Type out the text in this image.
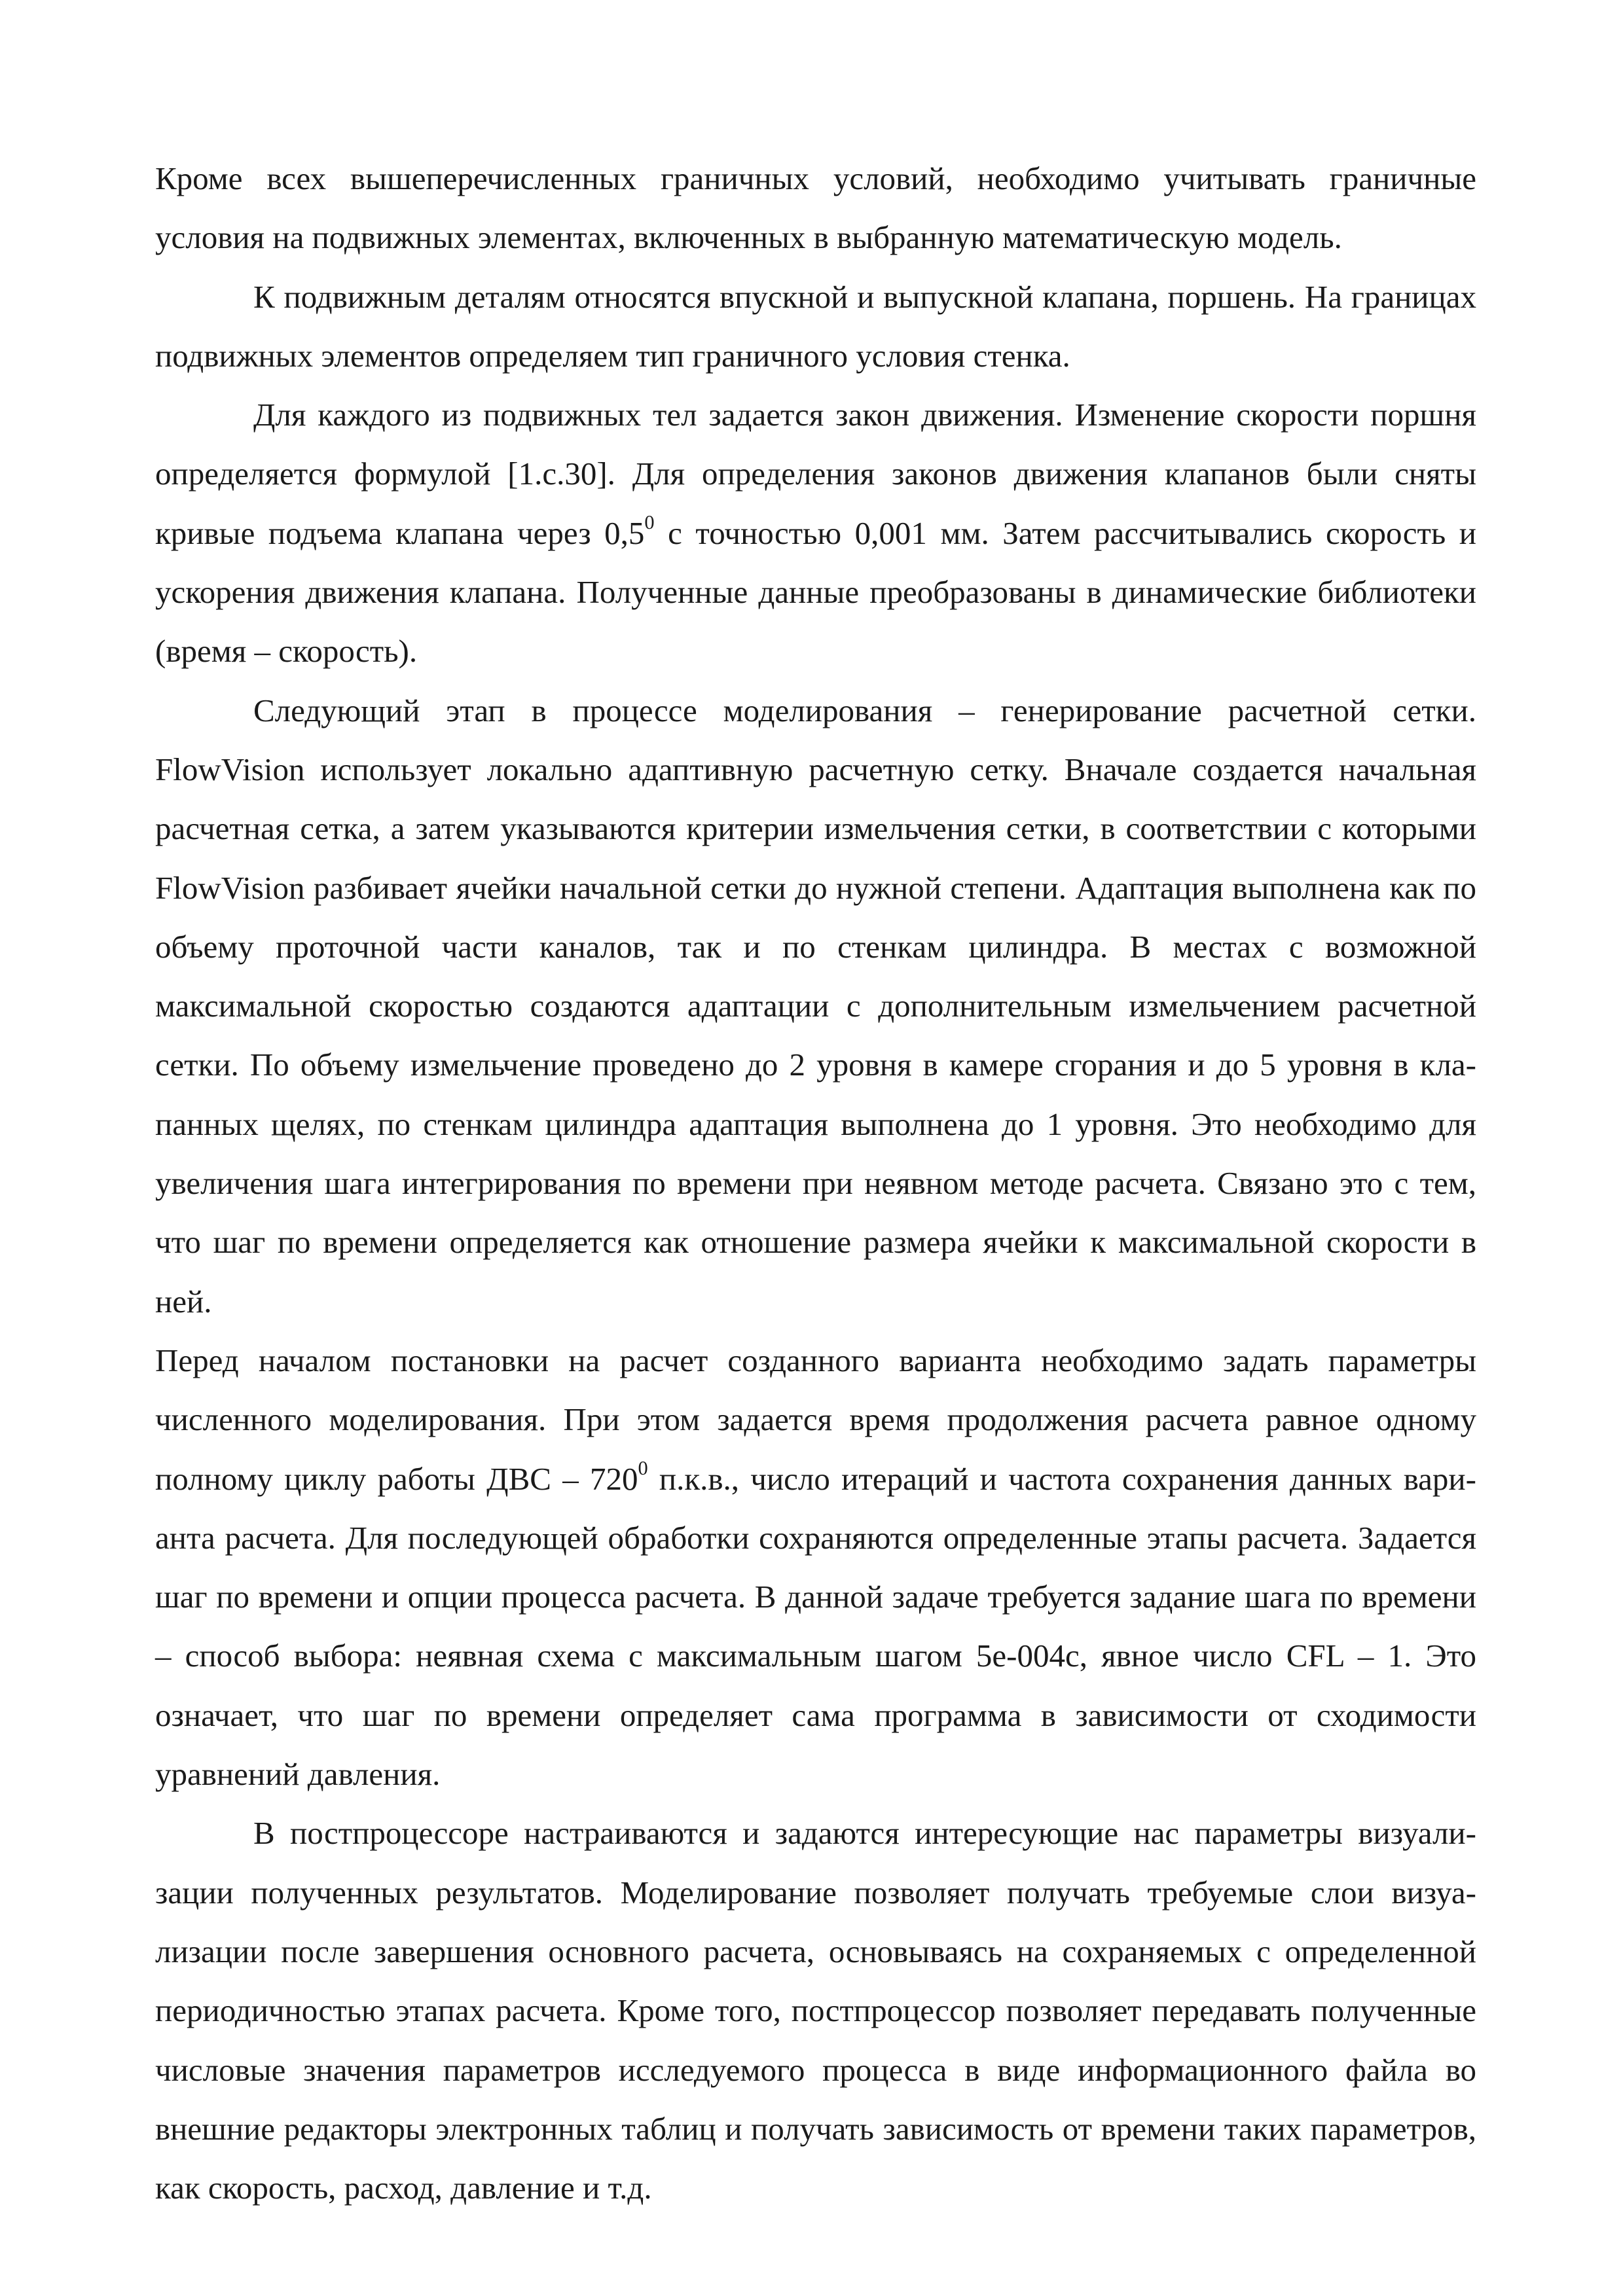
Кроме всех вышеперечисленных граничных условий, необходимо учитывать граничные условия на подвижных элементах, включенных в выбранную математическую модель.

К подвижным деталям относятся впускной и выпускной клапана, поршень. На границах подвижных элементов определяем тип граничного условия стенка.

Для каждого из подвижных тел задается закон движения. Изменение скорости поршня определяется формулой [1.с.30]. Для определения законов движения клапанов были сняты кривые подъема клапана через $0,5^0$ с точностью 0,001 мм. Затем рассчитывались скорость и ускорения движения клапана. Полученные данные преобразованы в динамические библиотеки (время – скорость).

Следующий этап в процессе моделирования – генерирование расчетной сетки. FlowVision использует локально адаптивную расчетную сетку. Вначале создается начальная расчетная сетка, а затем указываются критерии измельчения сетки, в соответствии с которыми FlowVision разбивает ячейки начальной сетки до нужной степени. Адаптация выполнена как по объему проточной части каналов, так и по стенкам цилиндра. В местах с возможной максимальной скоростью создаются адаптации с дополнительным измельчением расчетной сетки. По объему измельчение проведено до 2 уровня в камере сгорания и до 5 уровня в клапанных щелях, по стенкам цилиндра адаптация выполнена до 1 уровня. Это необходимо для увеличения шага интегрирования по времени при неявном методе расчета. Связано это с тем, что шаг по времени определяется как отношение размера ячейки к максимальной скорости в ней.

Перед началом постановки на расчет созданного варианта необходимо задать параметры численного моделирования. При этом задается время продолжения расчета равное одному полному циклу работы ДВС – $720^0$ п.к.в., число итераций и частота сохранения данных варианта расчета. Для последующей обработки сохраняются определенные этапы расчета. Задается шаг по времени и опции процесса расчета. В данной задаче требуется задание шага по времени – способ выбора: неявная схема с максимальным шагом 5е-004с, явное число CFL – 1. Это означает, что шаг по времени определяет сама программа в зависимости от сходимости уравнений давления.

В постпроцессоре настраиваются и задаются интересующие нас параметры визуализации полученных результатов. Моделирование позволяет получать требуемые слои визуализации после завершения основного расчета, основываясь на сохраняемых с определенной периодичностью этапах расчета. Кроме того, постпроцессор позволяет передавать полученные числовые значения параметров исследуемого процесса в виде информационного файла во внешние редакторы электронных таблиц и получать зависимость от времени таких параметров, как скорость, расход, давление и т.д.
